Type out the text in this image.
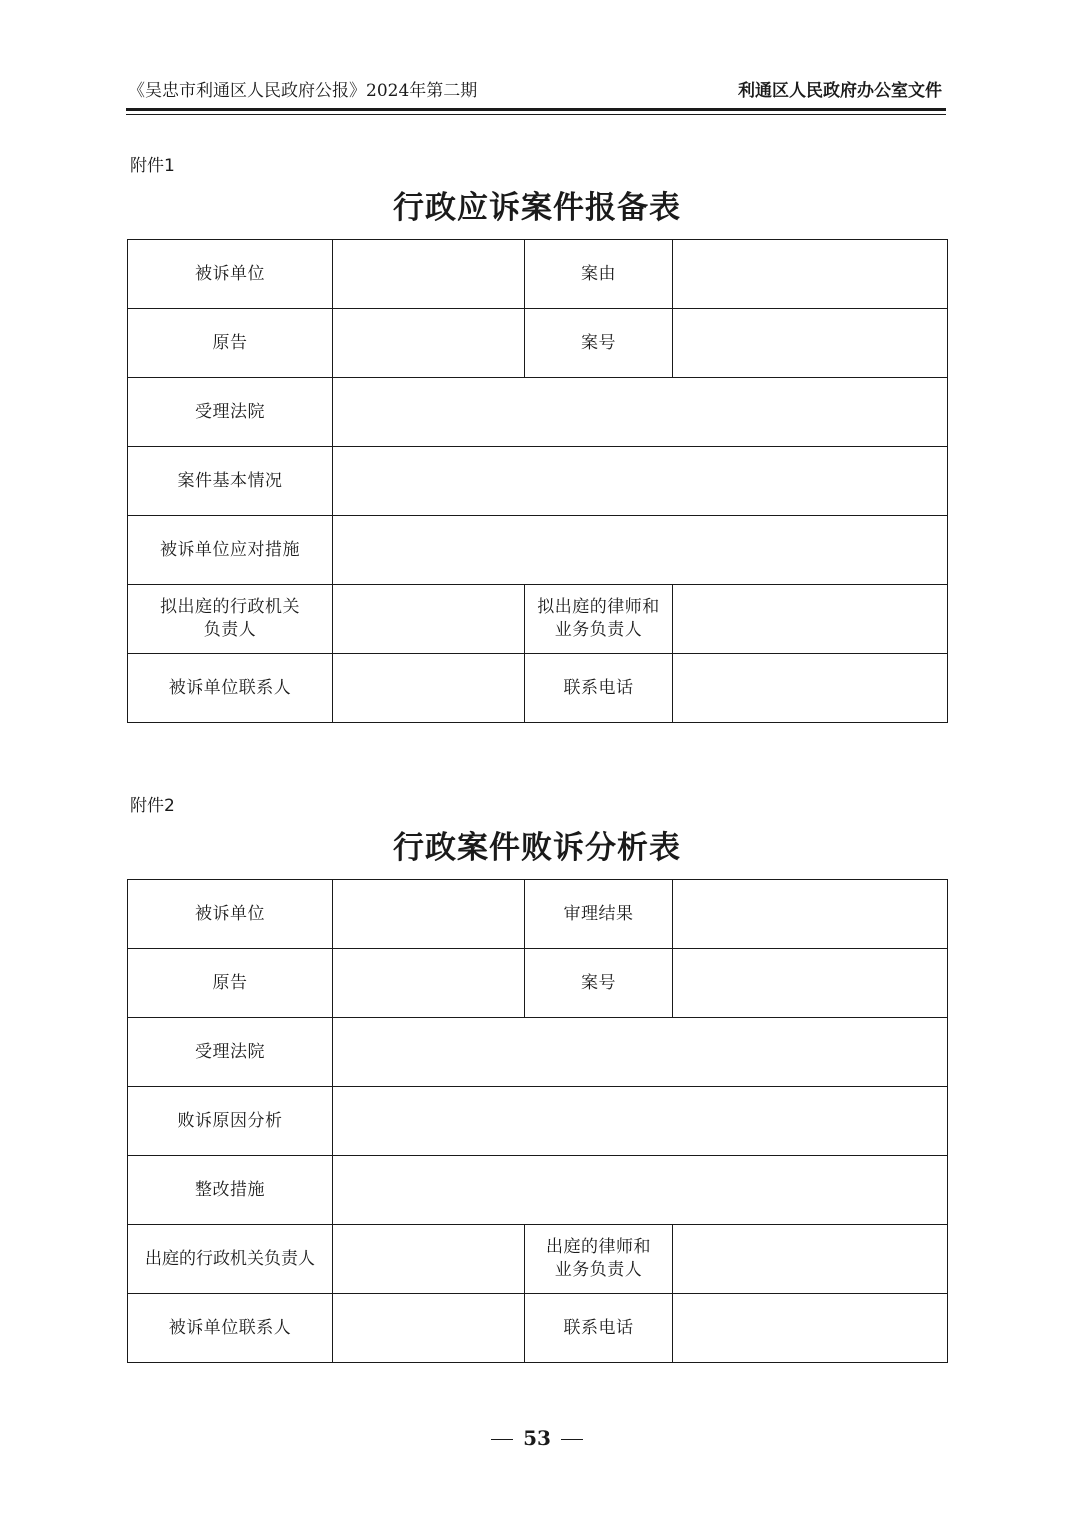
《吴忠市利通区人民政府公报》2024年第二期	利通区人民政府办公室文件
附件1
行政应诉案件报备表
被诉单位		案由	
原告		案号	
受理法院			
案件基本情况			
被诉单位应对措施			
拟出庭的行政机关负责人		拟出庭的律师和业务负责人	
被诉单位联系人		联系电话	
附件2
行政案件败诉分析表
被诉单位		审理结果	
原告		案号	
受理法院			
败诉原因分析			
整改措施			
出庭的行政机关负责人		出庭的律师和业务负责人	
被诉单位联系人		联系电话	
53
